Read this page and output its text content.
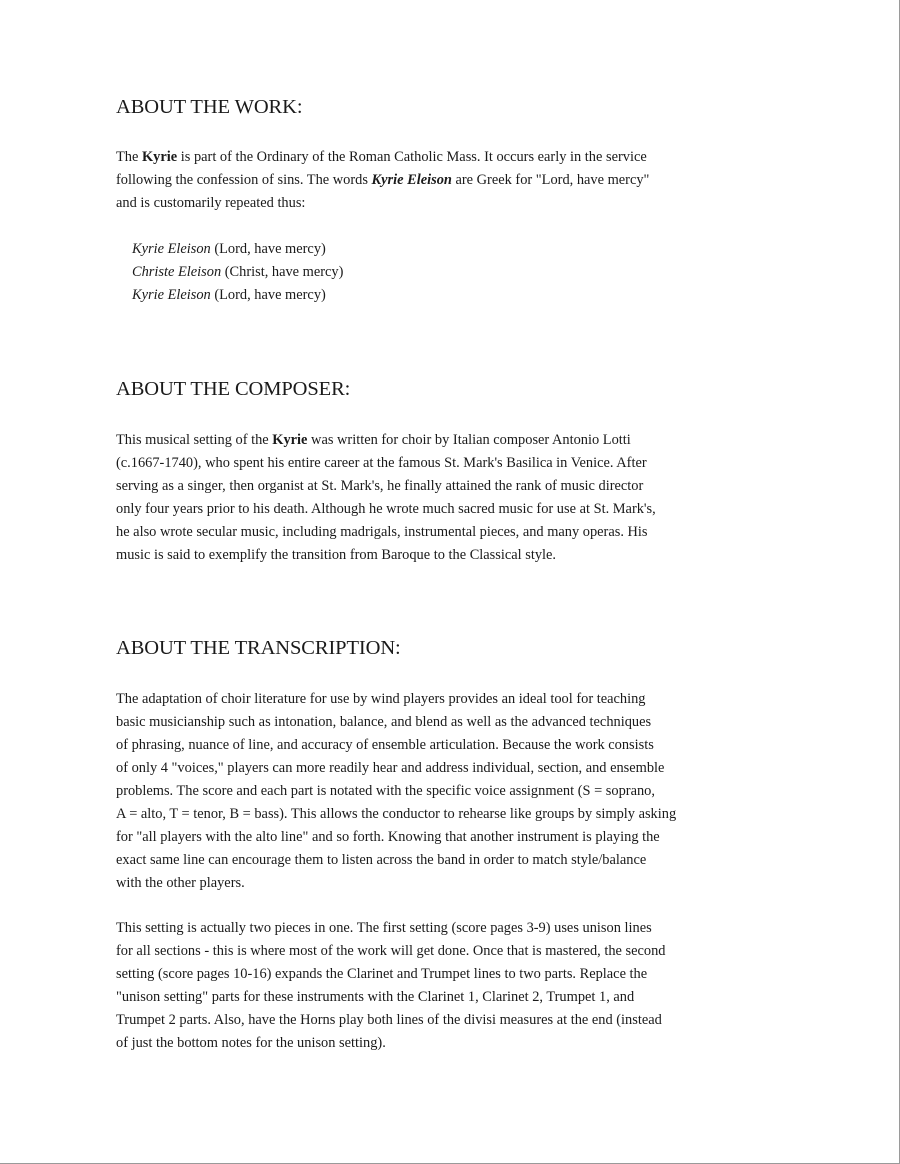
ABOUT THE WORK:
The Kyrie is part of the Ordinary of the Roman Catholic Mass. It occurs early in the service
following the confession of sins. The words Kyrie Eleison are Greek for "Lord, have mercy"
and is customarily repeated thus:
Kyrie Eleison (Lord, have mercy)
Christe Eleison (Christ, have mercy)
Kyrie Eleison (Lord, have mercy)
ABOUT THE COMPOSER:
This musical setting of the Kyrie was written for choir by Italian composer Antonio Lotti
(c.1667-1740), who spent his entire career at the famous St. Mark's Basilica in Venice. After
serving as a singer, then organist at St. Mark's, he finally attained the rank of music director
only four years prior to his death. Although he wrote much sacred music for use at St. Mark's,
he also wrote secular music, including madrigals, instrumental pieces, and many operas. His
music is said to exemplify the transition from Baroque to the Classical style.
ABOUT THE TRANSCRIPTION:
The adaptation of choir literature for use by wind players provides an ideal tool for teaching
basic musicianship such as intonation, balance, and blend as well as the advanced techniques
of phrasing, nuance of line, and accuracy of ensemble articulation. Because the work consists
of only 4 "voices," players can more readily hear and address individual, section, and ensemble
problems. The score and each part is notated with the specific voice assignment (S = soprano,
A = alto, T = tenor, B = bass). This allows the conductor to rehearse like groups by simply asking
for "all players with the alto line" and so forth. Knowing that another instrument is playing the
exact same line can encourage them to listen across the band in order to match style/balance
with the other players.
This setting is actually two pieces in one. The first setting (score pages 3-9) uses unison lines
for all sections - this is where most of the work will get done. Once that is mastered, the second
setting (score pages 10-16) expands the Clarinet and Trumpet lines to two parts. Replace the
"unison setting" parts for these instruments with the Clarinet 1, Clarinet 2, Trumpet 1, and
Trumpet 2 parts. Also, have the Horns play both lines of the divisi measures at the end (instead
of just the bottom notes for the unison setting).
